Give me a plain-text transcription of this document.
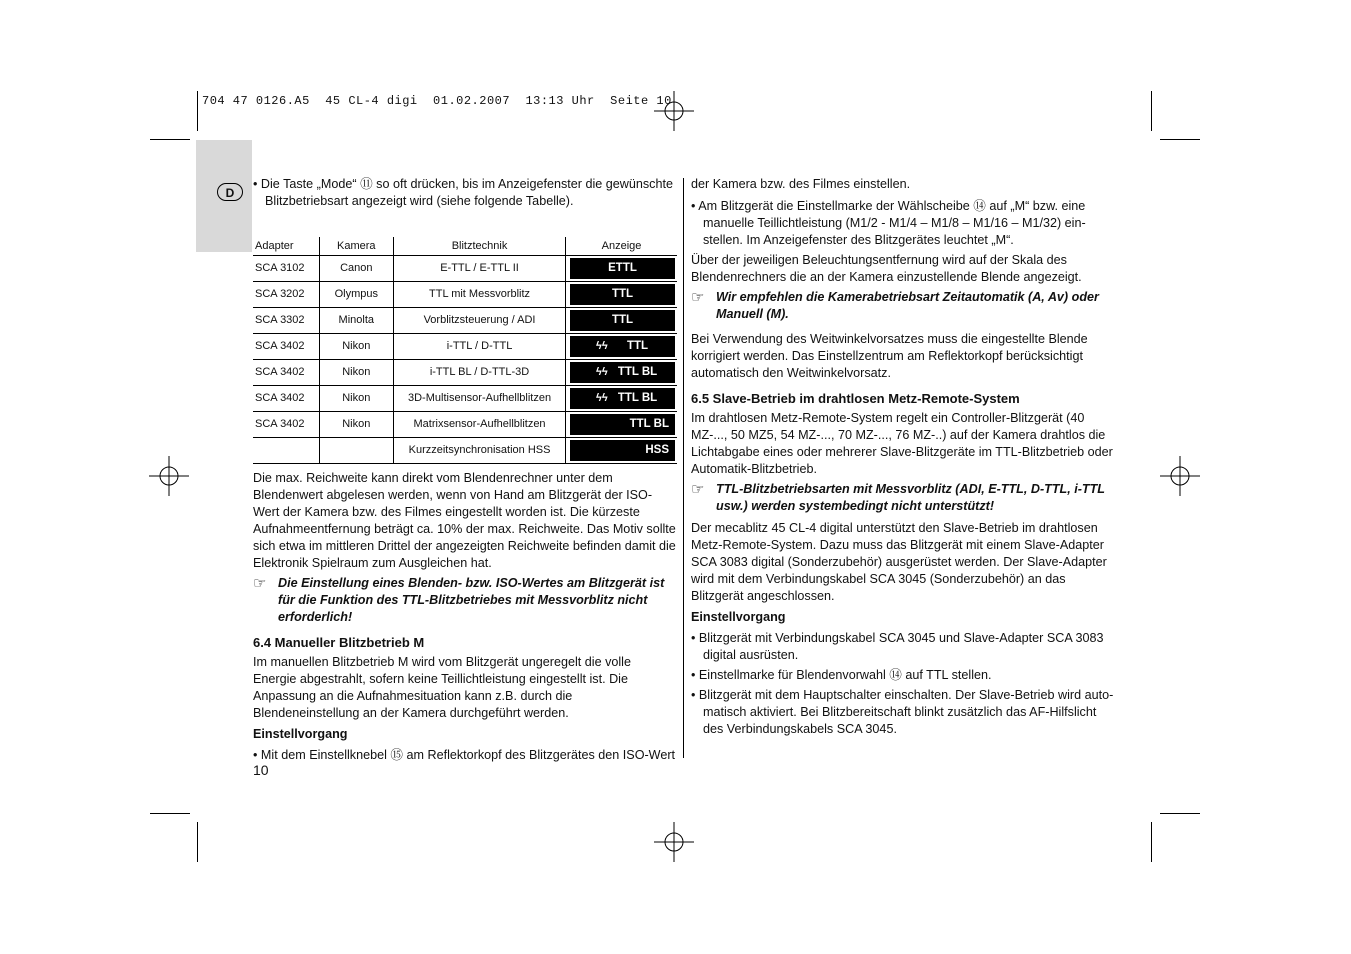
704 47 0126.A5  45 CL-4 digi  01.02.2007  13:13 Uhr  Seite 10
D

• Die Taste „Mode“ ⑪ so oft drücken, bis im Anzeigefenster die gewünschte Blitzbetriebsart angezeigt wird (siehe folgende Tabelle).

Adapter	Kamera	Blitztechnik	Anzeige
SCA 3102	Canon	E-TTL / E-TTL II	ETTL

SCA 3202	Olympus	TTL mit Messvorblitz	TTL

SCA 3302	Minolta	Vorblitzsteuerung / ADI	TTL

SCA 3402	Nikon	i-TTL / D-TTL	ϟϟ TTL

SCA 3402	Nikon	i-TTL BL / D-TTL-3D	ϟϟ TTL BL

SCA 3402	Nikon	3D-Multisensor-Aufhellblitzen	ϟϟ TTL BL

SCA 3402	Nikon	Matrixsensor-Aufhellblitzen	TTL BL

		Kurzzeitsynchronisation HSS	HSS

Die max. Reichweite kann direkt vom Blendenrechner unter dem Blendenwert abgelesen werden, wenn von Hand am Blitzgerät der ISO-Wert der Kamera bzw. des Filmes eingestellt worden ist. Die kürzeste Aufnahmeentfernung beträgt ca. 10% der max. Reichweite. Das Motiv sollte sich etwa im mittleren Drittel der angezeigten Reichweite befinden damit die Elektronik Spielraum zum Ausgleichen hat.

☞ Die Einstellung eines Blenden- bzw. ISO-Wertes am Blitzgerät ist für die Funktion des TTL-Blitzbetriebes mit Messvorblitz nicht erforderlich!
6.4 Manueller Blitzbetrieb M

Im manuellen Blitzbetrieb M wird vom Blitzgerät ungeregelt die volle Energie abgestrahlt, sofern keine Teillichtleistung eingestellt ist. Die Anpassung an die Aufnahmesituation kann z.B. durch die Blendeneinstellung an der Kamera durchgeführt werden.

Einstellvorgang

• Mit dem Einstellknebel ⑮ am Reflektorkopf des Blitzgerätes den ISO-Wert

der Kamera bzw. des Filmes einstellen.

• Am Blitzgerät die Einstellmarke der Wählscheibe ⑭ auf „M“ bzw. eine manuelle Teillichtleistung (M1/2 - M1/4 – M1/8 – M1/16 – M1/32) einstellen. Im Anzeigefenster des Blitzgerätes leuchtet „M“.

Über der jeweiligen Beleuchtungsentfernung wird auf der Skala des Blendenrechners die an der Kamera einzustellende Blende angezeigt.

☞ Wir empfehlen die Kamerabetriebsart Zeitautomatik (A, Av) oder Manuell (M).

Bei Verwendung des Weitwinkelvorsatzes muss die eingestellte Blende korrigiert werden. Das Einstellzentrum am Reflektorkopf berücksichtigt automatisch den Weitwinkelvorsatz.

6.5 Slave-Betrieb im drahtlosen Metz-Remote-System

Im drahtlosen Metz-Remote-System regelt ein Controller-Blitzgerät (40 MZ-..., 50 MZ5, 54 MZ-..., 70 MZ-..., 76 MZ-..) auf der Kamera drahtlos die Lichtabgabe eines oder mehrerer Slave-Blitzgeräte im TTL-Blitzbetrieb oder Automatik-Blitzbetrieb.

☞ TTL-Blitzbetriebsarten mit Messvorblitz (ADI, E-TTL, D-TTL, i-TTL usw.) werden systembedingt nicht unterstützt!

Der mecablitz 45 CL-4 digital unterstützt den Slave-Betrieb im drahtlosen Metz-Remote-System. Dazu muss das Blitzgerät mit einem Slave-Adapter SCA 3083 digital (Sonderzubehör) ausgerüstet werden. Der Slave-Adapter wird mit dem Verbindungskabel SCA 3045 (Sonderzubehör) an das Blitzgerät angeschlossen.

Einstellvorgang

• Blitzgerät mit Verbindungskabel SCA 3045 und Slave-Adapter SCA 3083 digital ausrüsten.

• Einstellmarke für Blendenvorwahl ⑭ auf TTL stellen.

• Blitzgerät mit dem Hauptschalter einschalten. Der Slave-Betrieb wird automatisch aktiviert. Bei Blitzbereitschaft blinkt zusätzlich das AF-Hilfslicht des Verbindungskabels SCA 3045.

10
